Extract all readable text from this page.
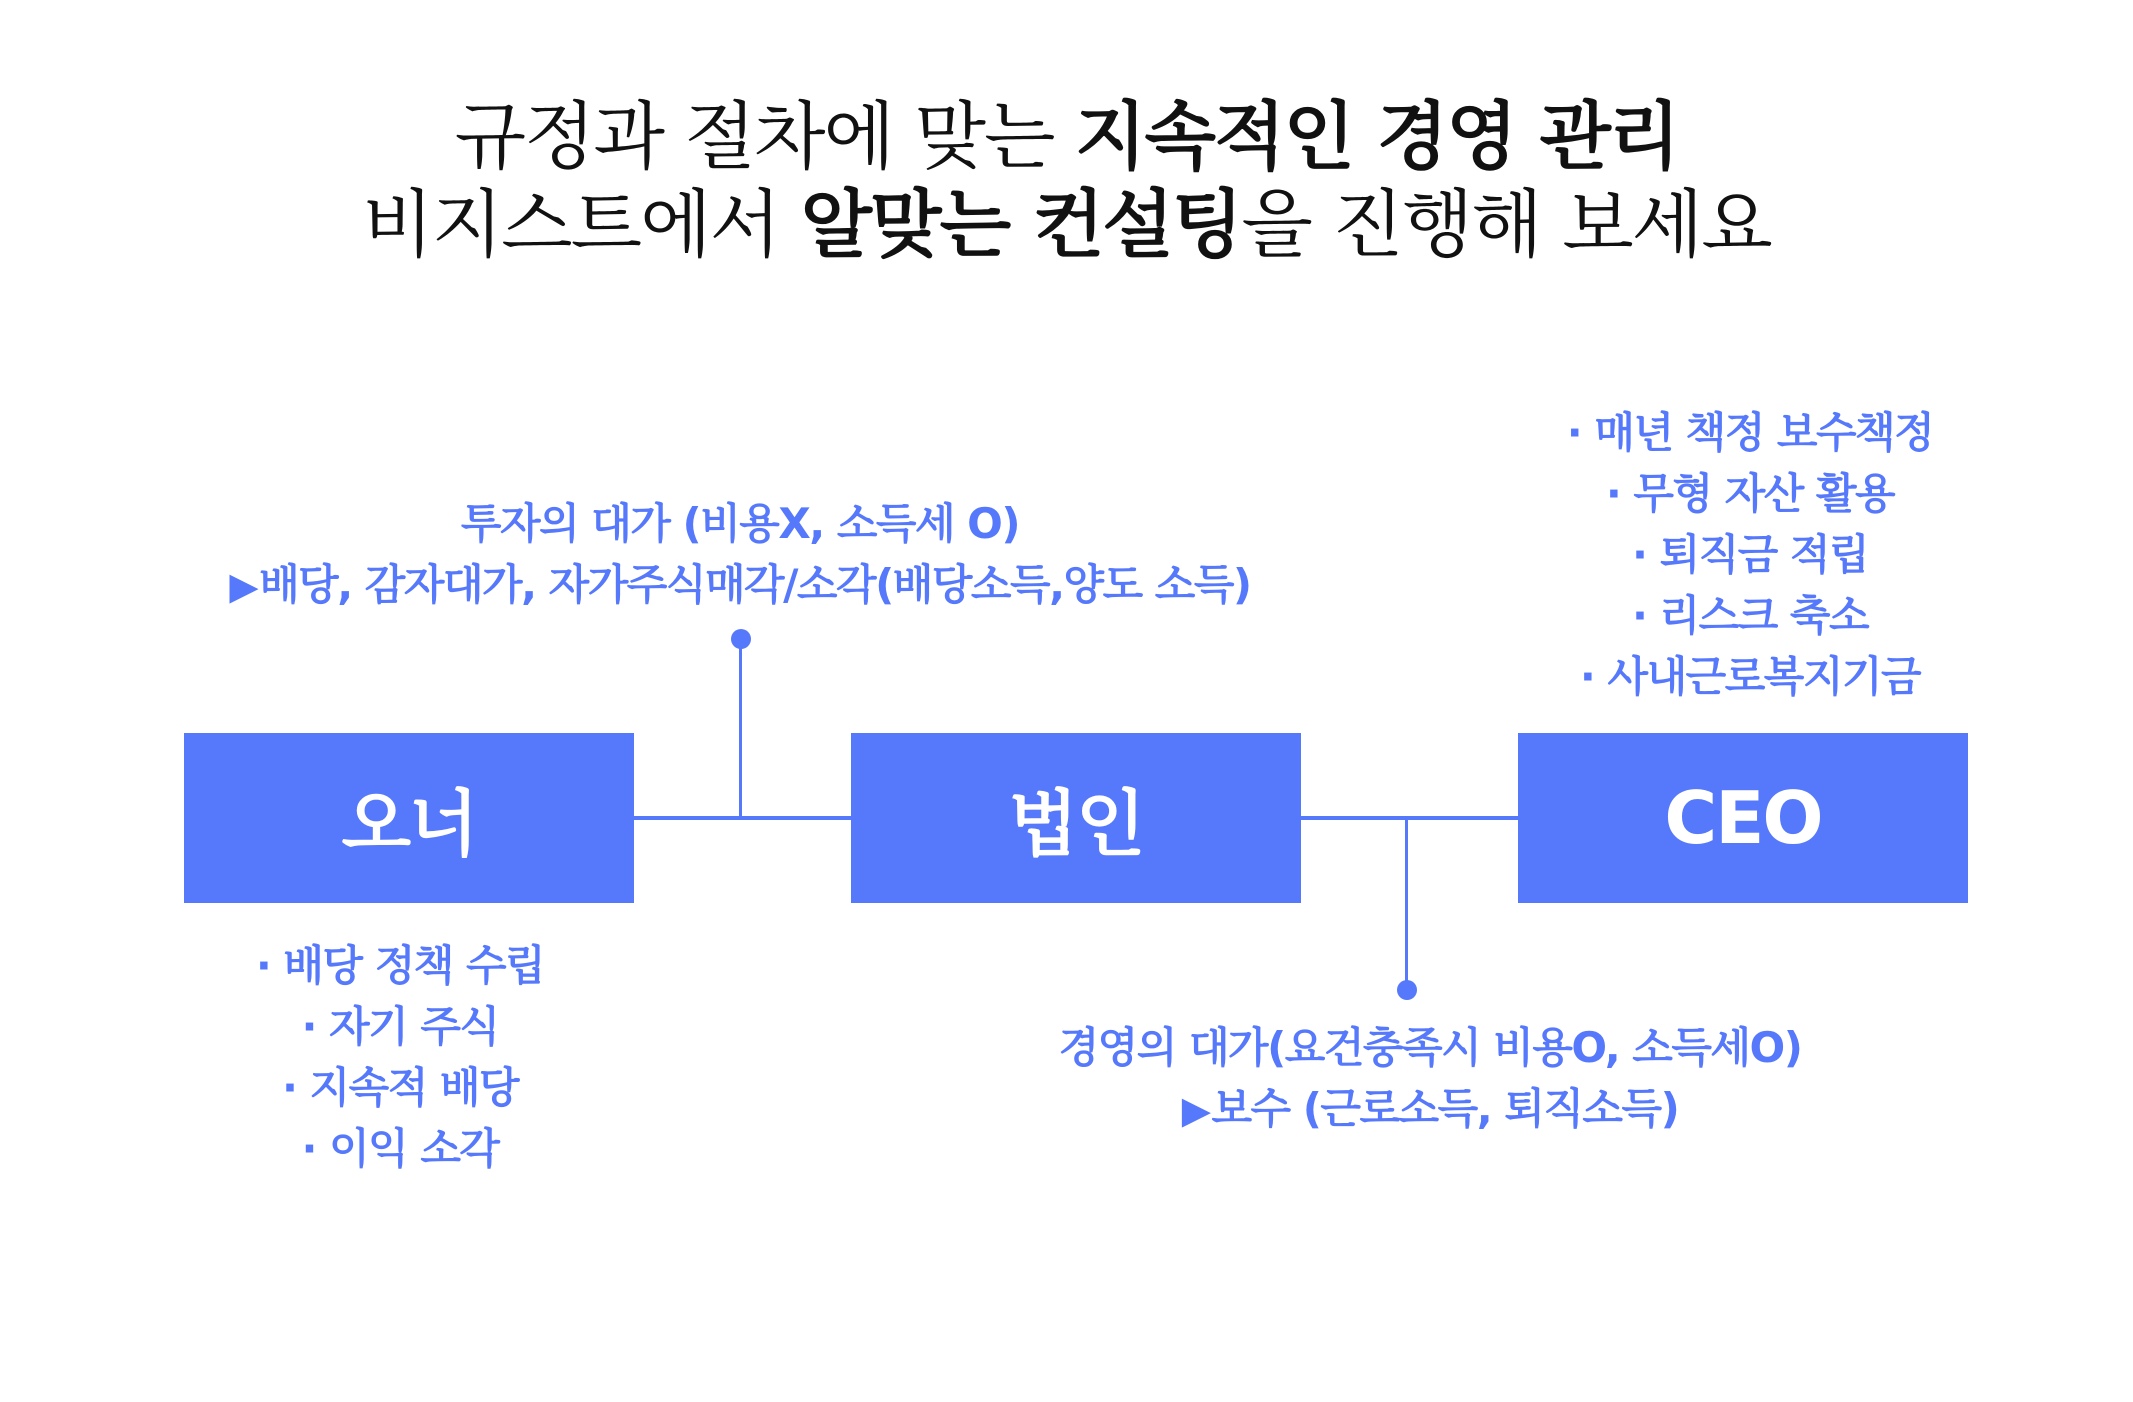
규정과 절차에 맞는 지속적인 경영 관리
비지스트에서 알맞는 컨설팅을 진행해 보세요
오너	법인	CEO
투자의 대가 (비용X, 소득세 O)
▶배당, 감자대가, 자가주식매각/소각(배당소득,양도 소득)
· 매년 책정 보수책정
· 무형 자산 활용
· 퇴직금 적립
· 리스크 축소
· 사내근로복지기금
· 배당 정책 수립
· 자기 주식
· 지속적 배당
· 이익 소각
경영의 대가(요건충족시 비용O, 소득세O)
▶보수 (근로소득, 퇴직소득)
